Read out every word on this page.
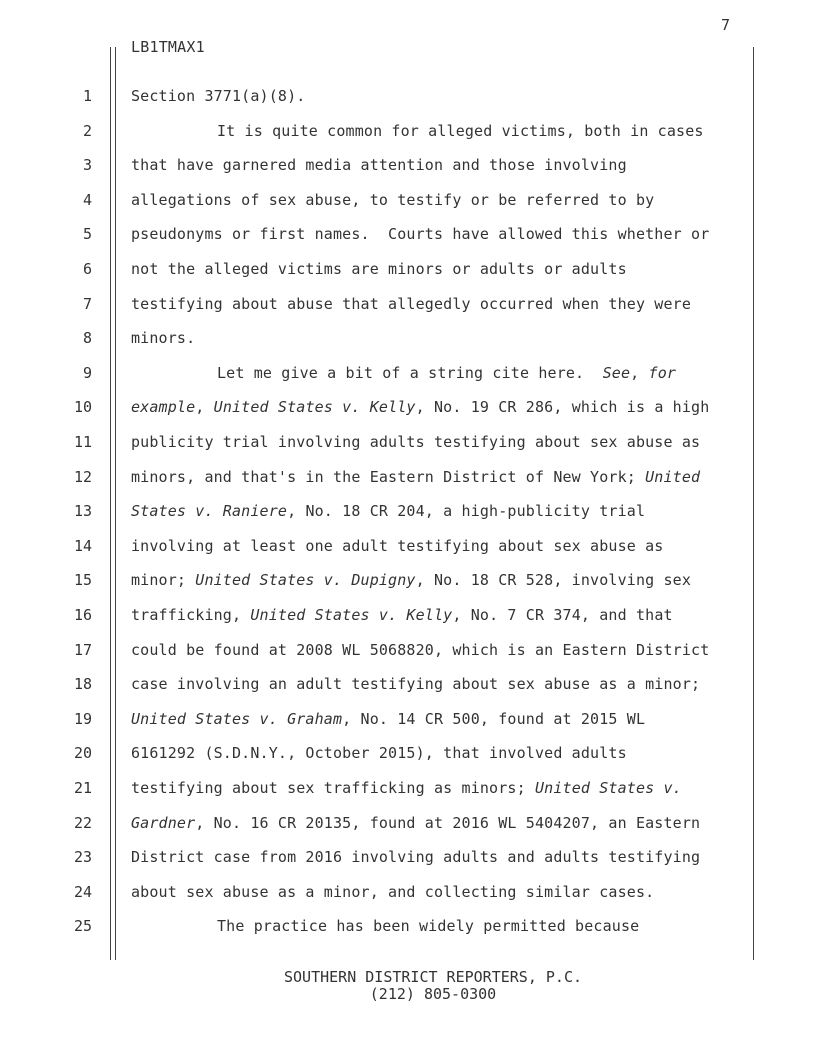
7
LB1TMAX1
1	Section 3771(a)(8).
2	It is quite common for alleged victims, both in cases
3	that have garnered media attention and those involving
4	allegations of sex abuse, to testify or be referred to by
5	pseudonyms or first names.  Courts have allowed this whether or
6	not the alleged victims are minors or adults or adults
7	testifying about abuse that allegedly occurred when they were
8	minors.
9	Let me give a bit of a string cite here.  See, for
10	example, United States v. Kelly, No. 19 CR 286, which is a high
11	publicity trial involving adults testifying about sex abuse as
12	minors, and that's in the Eastern District of New York; United
13	States v. Raniere, No. 18 CR 204, a high-publicity trial
14	involving at least one adult testifying about sex abuse as
15	minor; United States v. Dupigny, No. 18 CR 528, involving sex
16	trafficking, United States v. Kelly, No. 7 CR 374, and that
17	could be found at 2008 WL 5068820, which is an Eastern District
18	case involving an adult testifying about sex abuse as a minor;
19	United States v. Graham, No. 14 CR 500, found at 2015 WL
20	6161292 (S.D.N.Y., October 2015), that involved adults
21	testifying about sex trafficking as minors; United States v.
22	Gardner, No. 16 CR 20135, found at 2016 WL 5404207, an Eastern
23	District case from 2016 involving adults and adults testifying
24	about sex abuse as a minor, and collecting similar cases.
25	The practice has been widely permitted because
SOUTHERN DISTRICT REPORTERS, P.C.
(212) 805-0300
